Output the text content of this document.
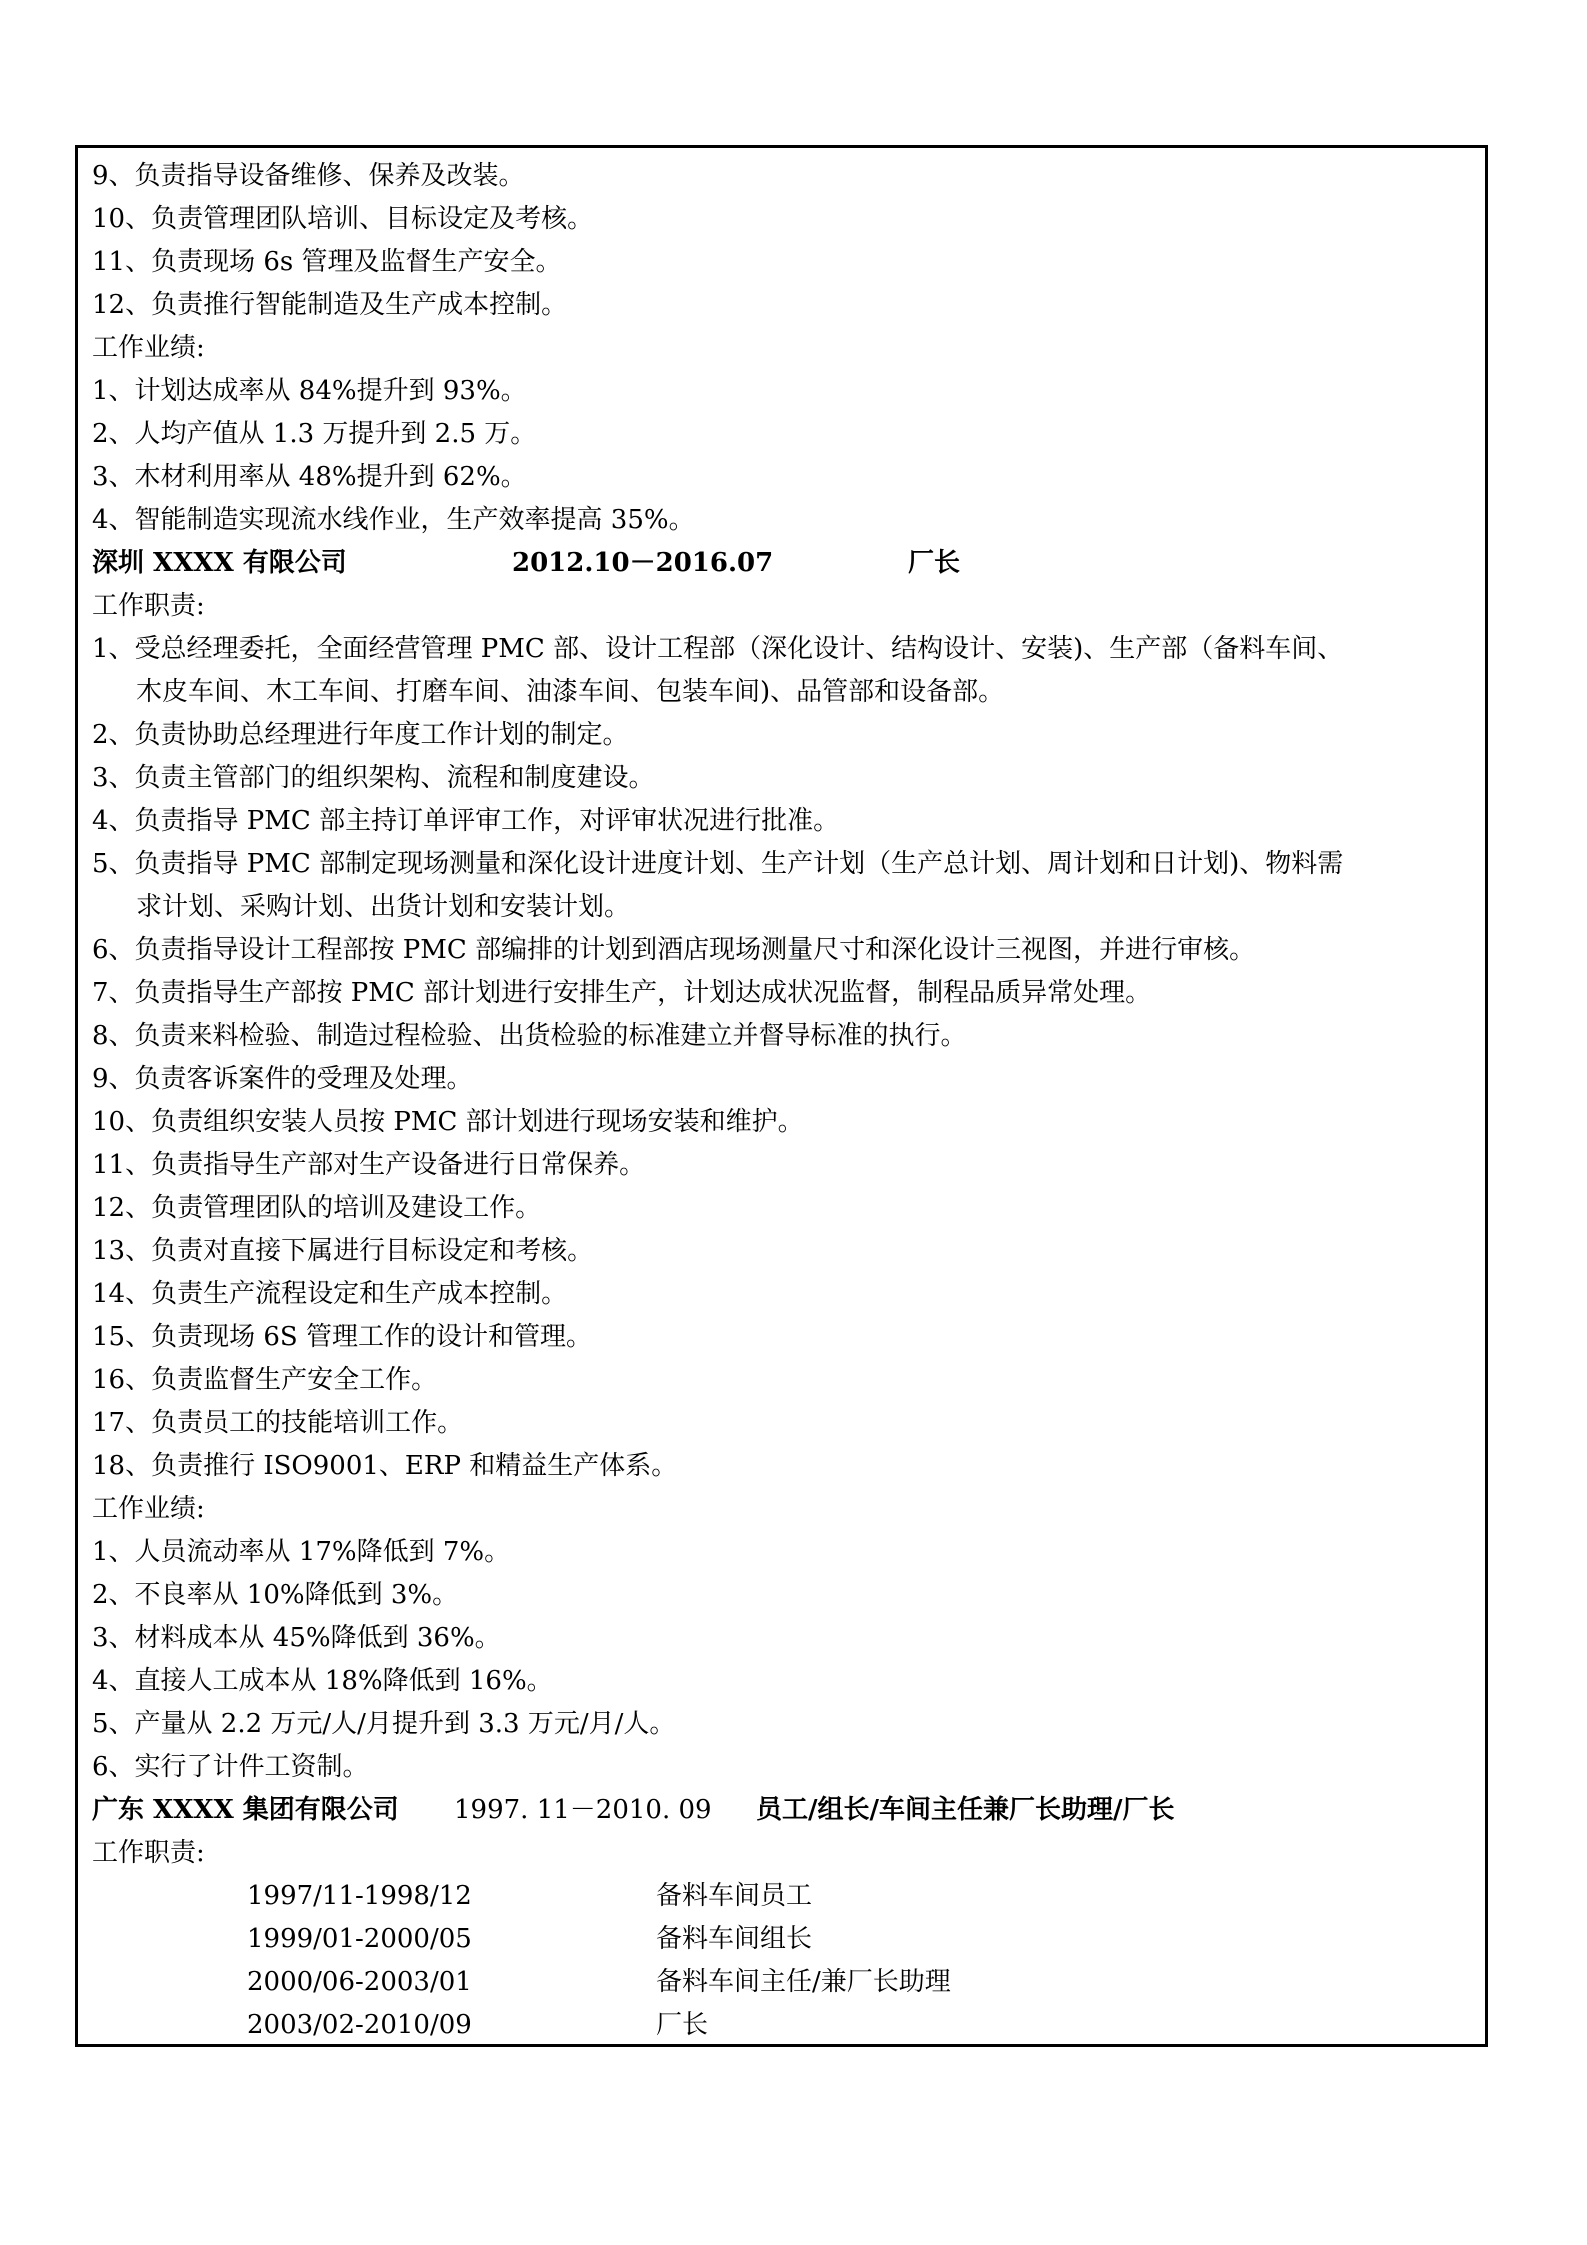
9、负责指导设备维修、保养及改装。
10、负责管理团队培训、目标设定及考核。
11、负责现场 6s 管理及监督生产安全。
12、负责推行智能制造及生产成本控制。
工作业绩:
1、计划达成率从 84%提升到 93%。
2、人均产值从 1.3 万提升到 2.5 万。
3、木材利用率从 48%提升到 62%。
4、智能制造实现流水线作业，生产效率提高 35%。
深圳 XXXX 有限公司	2012.10－2016.07	厂长
工作职责:
1、受总经理委托，全面经营管理 PMC 部、设计工程部（深化设计、结构设计、安装)、生产部（备料车间、
木皮车间、木工车间、打磨车间、油漆车间、包装车间)、品管部和设备部。
2、负责协助总经理进行年度工作计划的制定。
3、负责主管部门的组织架构、流程和制度建设。
4、负责指导 PMC 部主持订单评审工作，对评审状况进行批准。
5、负责指导 PMC 部制定现场测量和深化设计进度计划、生产计划（生产总计划、周计划和日计划)、物料需
求计划、采购计划、出货计划和安装计划。
6、负责指导设计工程部按 PMC 部编排的计划到酒店现场测量尺寸和深化设计三视图，并进行审核。
7、负责指导生产部按 PMC 部计划进行安排生产，计划达成状况监督，制程品质异常处理。
8、负责来料检验、制造过程检验、出货检验的标准建立并督导标准的执行。
9、负责客诉案件的受理及处理。
10、负责组织安装人员按 PMC 部计划进行现场安装和维护。
11、负责指导生产部对生产设备进行日常保养。
12、负责管理团队的培训及建设工作。
13、负责对直接下属进行目标设定和考核。
14、负责生产流程设定和生产成本控制。
15、负责现场 6S 管理工作的设计和管理。
16、负责监督生产安全工作。
17、负责员工的技能培训工作。
18、负责推行 ISO9001、ERP 和精益生产体系。
工作业绩:
1、人员流动率从 17%降低到 7%。
2、不良率从 10%降低到 3%。
3、材料成本从 45%降低到 36%。
4、直接人工成本从 18%降低到 16%。
5、产量从 2.2 万元/人/月提升到 3.3 万元/月/人。
6、实行了计件工资制。
广东 XXXX 集团有限公司 1997. 11－2010. 09 员工/组长/车间主任兼厂长助理/厂长
工作职责:
1997/11-1998/12	备料车间员工
1999/01-2000/05	备料车间组长
2000/06-2003/01	备料车间主任/兼厂长助理
2003/02-2010/09	厂长
